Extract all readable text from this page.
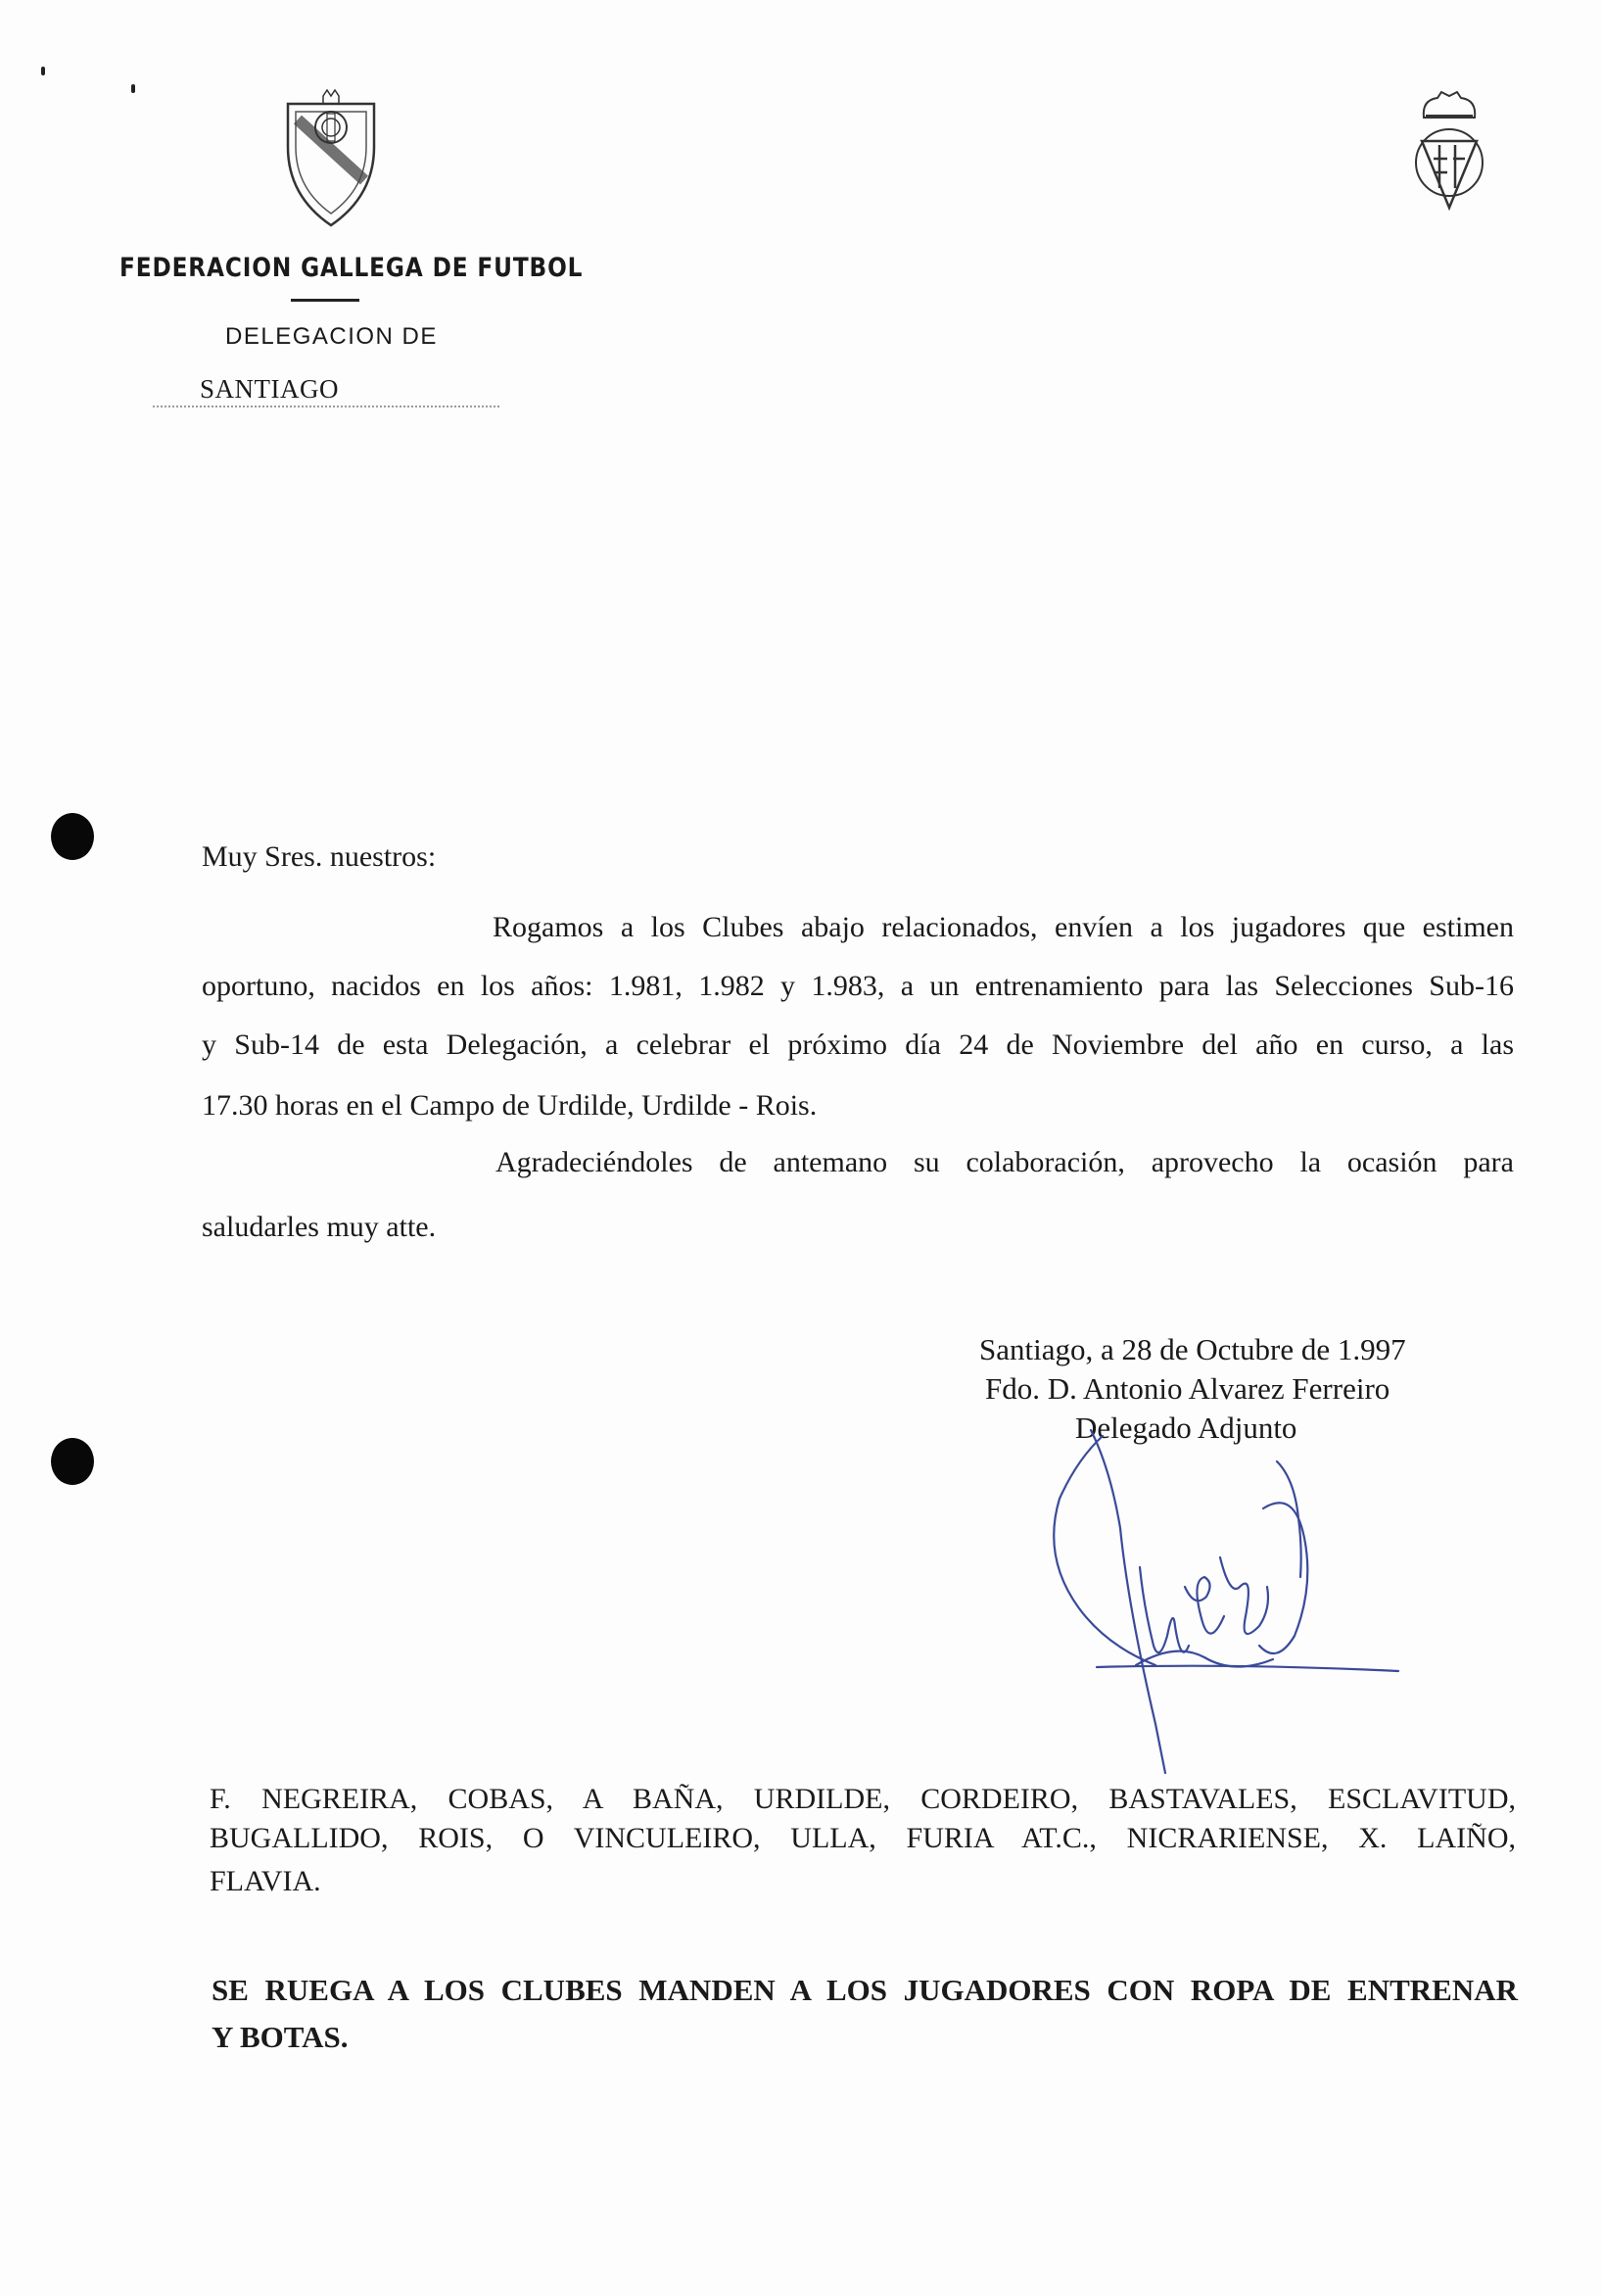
FEDERACION GALLEGA DE FUTBOL
DELEGACION DE
SANTIAGO
Muy Sres. nuestros:
Rogamos a los Clubes abajo relacionados, envíen a los jugadores que estimen
oportuno, nacidos en los años: 1.981, 1.982 y 1.983, a un entrenamiento para las Selecciones Sub-16
y Sub-14 de esta Delegación, a celebrar el próximo día 24 de Noviembre del año en curso, a las
17.30 horas en el Campo de Urdilde, Urdilde - Rois.
Agradeciéndoles de antemano su colaboración, aprovecho la ocasión para
saludarles muy atte.
Santiago, a 28 de Octubre de 1.997
Fdo. D. Antonio Alvarez Ferreiro
Delegado Adjunto
F. NEGREIRA, COBAS, A BAÑA, URDILDE, CORDEIRO, BASTAVALES, ESCLAVITUD,
BUGALLIDO, ROIS, O VINCULEIRO, ULLA, FURIA AT.C., NICRARIENSE, X. LAIÑO,
FLAVIA.
SE RUEGA A LOS CLUBES MANDEN A LOS JUGADORES CON ROPA DE ENTRENAR
Y BOTAS.
